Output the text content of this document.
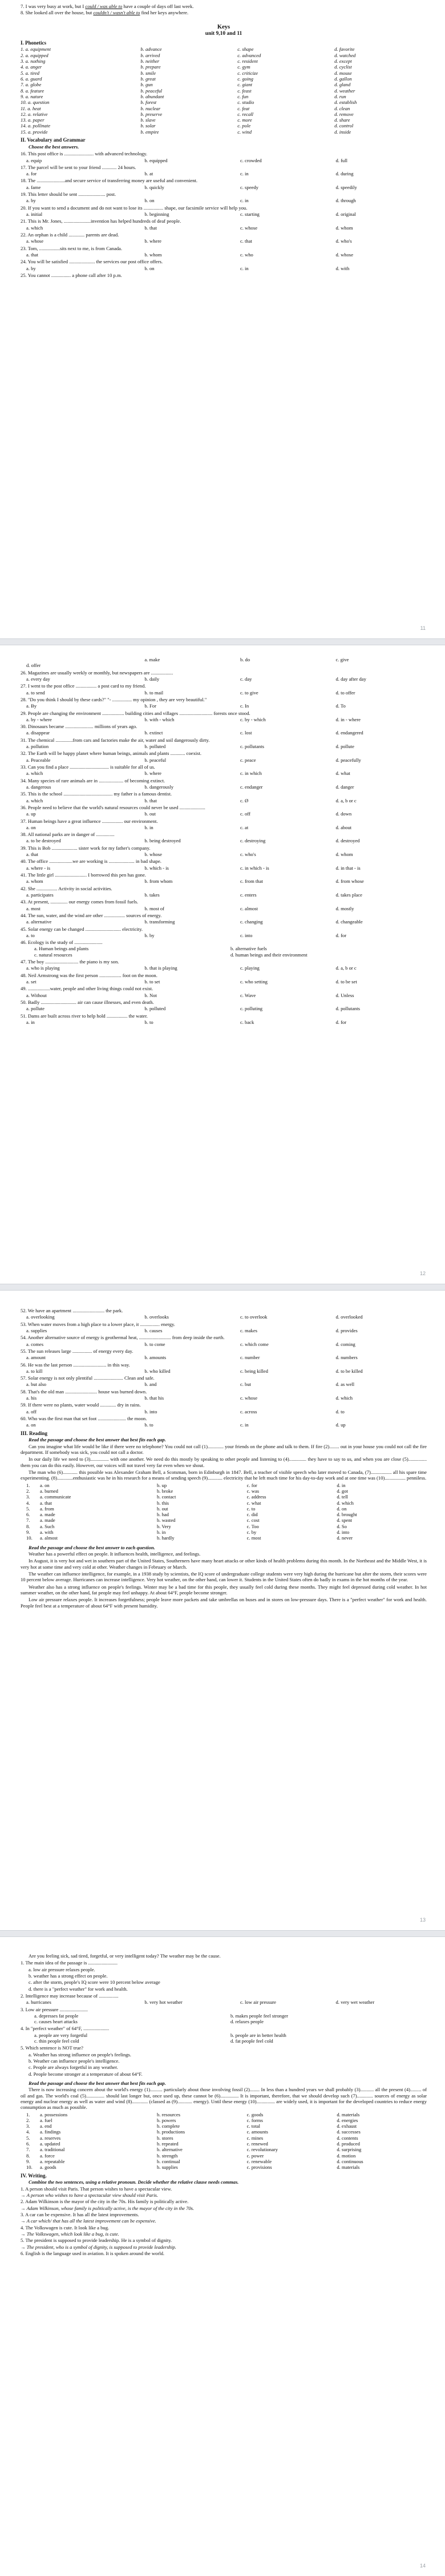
7. I was very busy at work, but I could / was able to have a couple of days off last week.

8. She looked all over the house, but couldn't / wasn't able to find her keys anywhere.

Keys
unit 9,10 and 11
I. Phonetics
1. a. equipment	b. advance	c. shape	d. favorite
2. a. equipped	b. arrived	c. advanced	d. watched
3. a. nothing	b. neither	c. resident	d. except
4. a. anger	b. prepare	c. gym	d. cyclist
5. a. tired	b. smile	c. criticize	d. mouse
6. a. guard	b. great	c. going	d. gallon
7. a. globe	b. gun	c. giant	d. gland
8. a. feature	b. peaceful	c. feast	d. weather
9. a. nature	b. abundant	c. fun	d. run
10. a. question	b. forest	c. studio	d. establish
11. a. heat	b. nuclear	c. feat	d. clean
12. a. relative	b. preserve	c. recall	d. remove
13. a. paper	b. slave	c. more	d. share
14. a. pollinate	b. solar	c. pole	d. control
15. a. provide	b. empire	c. wind	d. inside
II. Vocabulary and Grammar
Choose the best answers.

16. This post office is ........................ with advanced technology.

a. equip	b. equipped	c. crowded	d. full

17. The parcel will be sent to your friend ............ 24 hours.

a. for	b. at	c. in	d. during

18. The .......................and secure service of transferring money are useful and convenient.

a. fame	b. quickly	c. speedy	d. speedily

19. This letter should be sent ...................... post.

a. by	b. on	c. in	d. through

20. If you want to send a document and do not want to lose its ................ shape, our facsimile service will help you.

a. initial	b. beginning	c. starting	d. original

21. This is Mr. Jones, ......................invention has helped hundreds of deaf people.

a. which	b. that	c. whose	d. whom

22. An orphan is a child ............. parents are dead.

a. whose	b. where	c. that	d. who's

23. Tom, .................sits next to me, is from Canada.

a. that	b. whom	c. who	d. whose

24. You will be satisfied ..................... the services our post office offers.

a. by	b. on	c. in	d. with

25. You cannot ................ a phone call after 10 p.m.

11
a. make	b. do	c. give
d. offer

26. Magazines are usually weekly or monthly, but newspapers are ..................

a. every day	b. daily	c. day	d. day after day

27. I went to the post office ................. a post card to my friend.

a. to send	b. to mail	c. to give	d. to offer

28. "Do you think I should by these cards?" "- ................ my opinion , they are very beautiful."

a. By	b. For	c. In	d. To

29. People are changing the environment .................. building cities and villages ........................... forests once stood.

a. by - where	b. with - which	c. by - which	d. in - where

30. Dinosaurs became ....................... millions of years ago.

a. disappear	b. extinct	c. lost	d. endangered

31. The chemical ..............from cars and factories make the air, water and soil dangerously dirty.

a. pollution	b. polluted	c. pollutants	d. pollute

32. The Earth will be happy planet where human beings, animals and plants ............ coexist.

a. Peaceable	b. peaceful	c. peace	d. peacefully

33. Can you find a place ................................ is suitable for all of us.

a. which	b. where	c. in which	d. what

34. Many species of rare animals are in .................... of becoming extinct.

a. dangerous	b. dangerously	c. endanger	d. danger

35. This is the school ........................................ my father is a famous dentist.

a. which	b. that	c. Ø	d. a, b or c

36. People need to believe that the world's natural resources could never be used .....................

a. up	b. out	c. off	d. down

37. Human beings have a great influence ................. our environment.

a. on	b. in	c. at	d. about

38. All national parks are in danger of ...............

a. to be destroyed	b. being destroyed	c. destroying	d. destroyed

39. This is Bob ..................... sister work for my father's company.

a. that	b. whose	c. who's	d. whom

40. The office ...................we are working is ..................... in bad shape.

a. where - is	b. which - is	c. in which - is	d. in that - is

41. The little girl .......................... I borrowed this pen has gone.

a. whom	b. from whom	c. from that	d. from whose

42. She ................. Activity in social activities.

a. participates	b. takes	c. enters	d. takes place

43. At present, .............. our energy comes from fossil fuels.

a. most	b. most of	c. almost	d. mostly

44. The sun, water, and the wind are other ................. sources of energy.

a. alternative	b. transforming	c. changing	d. changeable

45. Solar energy can be changed ............................. electricity.

a. to	b. by	c. into	d. for

46. Ecology is the study of .......................

a. Human beings and plants	b. alternative fuels
c. natural resources	d. human beings and their environment

47. The boy ........................... the piano is my son.

a. who is playing	b. that is playing	c. playing	d. a, b or c

48. Neil Armstrong was the first person .................. foot on the moon.

a. set	b. to set	c. who setting	d. to be set

49. ..................water, people and other living things could not exist.

a. Without	b. Not	c. Wave	d. Unless

50. Badly ............................. air can cause illnesses, and even death.

a. pollute	b. polluted	c. polluting	d. pollutants

51. Dams are built across river to help hold ................. the water.

a. in	b. to	c. back	d. for
12

52. We have an apartment .......................... the park.

a. overlooking	b. overlooks	c. to overlook	d. overlooked

53. When water moves from a high place to a lower place, it ................ energy.

a. supplies	b. causes	c. makes	d. provides

54. Another alternative source of energy is geothermal heat, .......................... from deep inside the earth.

a. comes	b. to come	c. which come	d. coming

55. The sun releases large ................ of energy every day.

a. amount	b. amounts	c. number	d. numbers

56. He was the last person ........................... in this way.

a. to kill	b. who killed	c. being killed	d. to be killed

57. Solar energy is not only plentiful ........................ Clean and safe.

a. but also	b. and	c. but	d. as well

58. That's the old man .......................... house was burned down.

a. his	b. that his	c. whose	d. which

59. If there were no plants, water would ............. dry in rains.

a. off	b. into	c. across	d. to

60. Who was the first man that set foot ....................... the moon.

a. on	b. to	c. in	d. up
III. Reading
Read the passage and choose the best answer that best fits each gap.

Can you imagine what life would be like if there were no telephone? You could not call (1)............. your friends on the phone and talk to them. If fire (2)........ out in your house you could not call the fire department. If somebody was sick, you could not call a doctor.

In our daily life we need to (3)............... with one another. We need do this mostly by speaking to other people and listening to (4).............. they have to say to us, and when you are close (5)............... them you can do this easily. However, our voices will not travel very far even when we shout.

The man who (6)............ this possible was Alexander Graham Bell, a Scotsman, born in Edinburgh in 1847. Bell, a teacher of visible speech who later moved to Canada, (7)................. all his spare time experimenting. (8).............enthusiastic was he in his research for a means of sending speech (9)............ electricity that he left much time for his day-to-day work and at one time was (10)................. penniless.

1.	a. on	b. up	c. for	d. in
2.	a. burned	b. broke	c. was	d. got
3.	a. communicate	b. contact	c. address	d. tell
4.	a. that	b. this	c. what	d. which
5.	a. from	b. out	c. to	d. on
6.	a. made	b. had	c. did	d. brought
7.	a. made	b. wasted	c. cost	d. spent
8.	a. Such	b. Very	c. Too	d. So
9.	a. with	b. in	c. by	d. into
10.	a. almost	b. hardly	c. most	d. never
Read the passage and choose the best answer to each question.

Weather has a powerful effect on people. It influences health, intelligence, and feelings.

In August, it is very hot and wet in southern part of the United States, Southerners have many heart attacks or other kinds of health problems during this month. In the Northeast and the Middle West, it is very hot at some time and very cold at other. Weather changes in February or March.

The weather can influence intelligence, for example, in a 1938 study by scientists, the IQ score of undergraduate college students were very high during the hurricane but after the storm, their scores were 10 percent below average. Hurricanes can increase intelligence. Very hot weather, on the other hand, can lower it. Students in the United States often do badly in exams in the hot months of the year.

Weather also has a strong influence on people's feelings. Winter may be a bad time for this people, they usually feel cold during these months. They might feel depressed during cold weather. In hot summer weather, on the other hand, fat people may feel unhappy. At about 64°F, people become stronger.

Low air pressure relaxes people. It increases forgetfulness; people leave more packets and take umbrellas on buses and in stores on low-pressure days. There is a "perfect weather" for work and health. People feel best at a temperature of about 64°F with present humidity.

13

Are you feeling sick, sad tired, forgetful, or very intelligent today? The weather may be the cause.

1. The main idea of the passage is ........................

a. low air pressure relaxes people.

b. weather has a strong effect on people.

c. after the storm, people's IQ score were 10 percent below average

d. there is a "perfect weather" for work and health.

2. Intelligence may increase because of ................

a. hurricanes	b. very hot weather	c. low air pressure	d. very wet weather

3. Low air pressure .......................

a. depresses fat people	b. makes people feel stronger
c. causes heart attacks	d. relaxes people

4. In "perfect weather" of 64°F, .....................

a. people are very forgetful	b. people are in better health
c. thin people feel cold	d. fat people feel cold

5. Which sentence is NOT true?

a. Weather has strong influence on people's feelings.

b. Weather can influence people's intelligence.

c. People are always forgetful in any weather.

d. People become stronger at a temperature of about 64°F.

Read the passage and choose the best answer that best fits each gap.

There is now increasing concern about the world's energy (1).......... particularly about those involving fossil (2)........ In less than a hundred years we shall probably (3)........... all the present (4)......... of oil and gas. The world's coal (5)............... should last longer but, once used up, these cannot be (6)............... It is important, therefore, that we should develop such (7)............. sources of energy as solar energy and nuclear energy as well as water and wind (8)............. (classed as (9)............ energy). Until these energy (10)............... are widely used, it is important for the developed countries to reduce energy consumption as much as possible.

1.	a. possessions	b. resources	c. goods	d. materials
2.	a. fuel	b. powers	c. forms	d. energies
3.	a. end	b. complete	c. total	d. exhaust
4.	a. findings	b. productions	c. amounts	d. successes
5.	a. reserves	b. stores	c. mines	d. contents
6.	a. updated	b. repeated	c. renewed	d. produced
7.	a. traditional	b. alternative	c. revolutionary	d. surprising
8.	a. force	b. strength	c. power	d. motion
9.	a. repeatable	b. continual	c. renewable	d. continuous
10.	a. goods	b. supplies	c. provisions	d. materials
IV. Writing.
Combine the two sentences, using a relative pronoun. Decide whether the relative clause needs commas.

1. A person should visit Paris. That person wishes to have a spectacular view.

→ A person who wishes to have a spectacular view should visit Paris.

2. Adam Wilkinson is the mayor of the city in the 70s. His family is politically active.

→ Adam Wilkinson, whose family is politically active, is the mayor of the city in the 70s.

3. A car can be expensive. It has all the latest improvements.

→ A car which/ that has all the latest improvement can be expensive.

4. The Volkswagen is cute. It look like a bug.

→ The Volkswagen, which look like a bug, is cute.

5. The president is supposed to provide leadership. He is a symbol of dignity.

→ The president, who is a symbol of dignity, is supposed to provide leadership.

6. English is the language used in aviation. It is spoken around the world.

14
